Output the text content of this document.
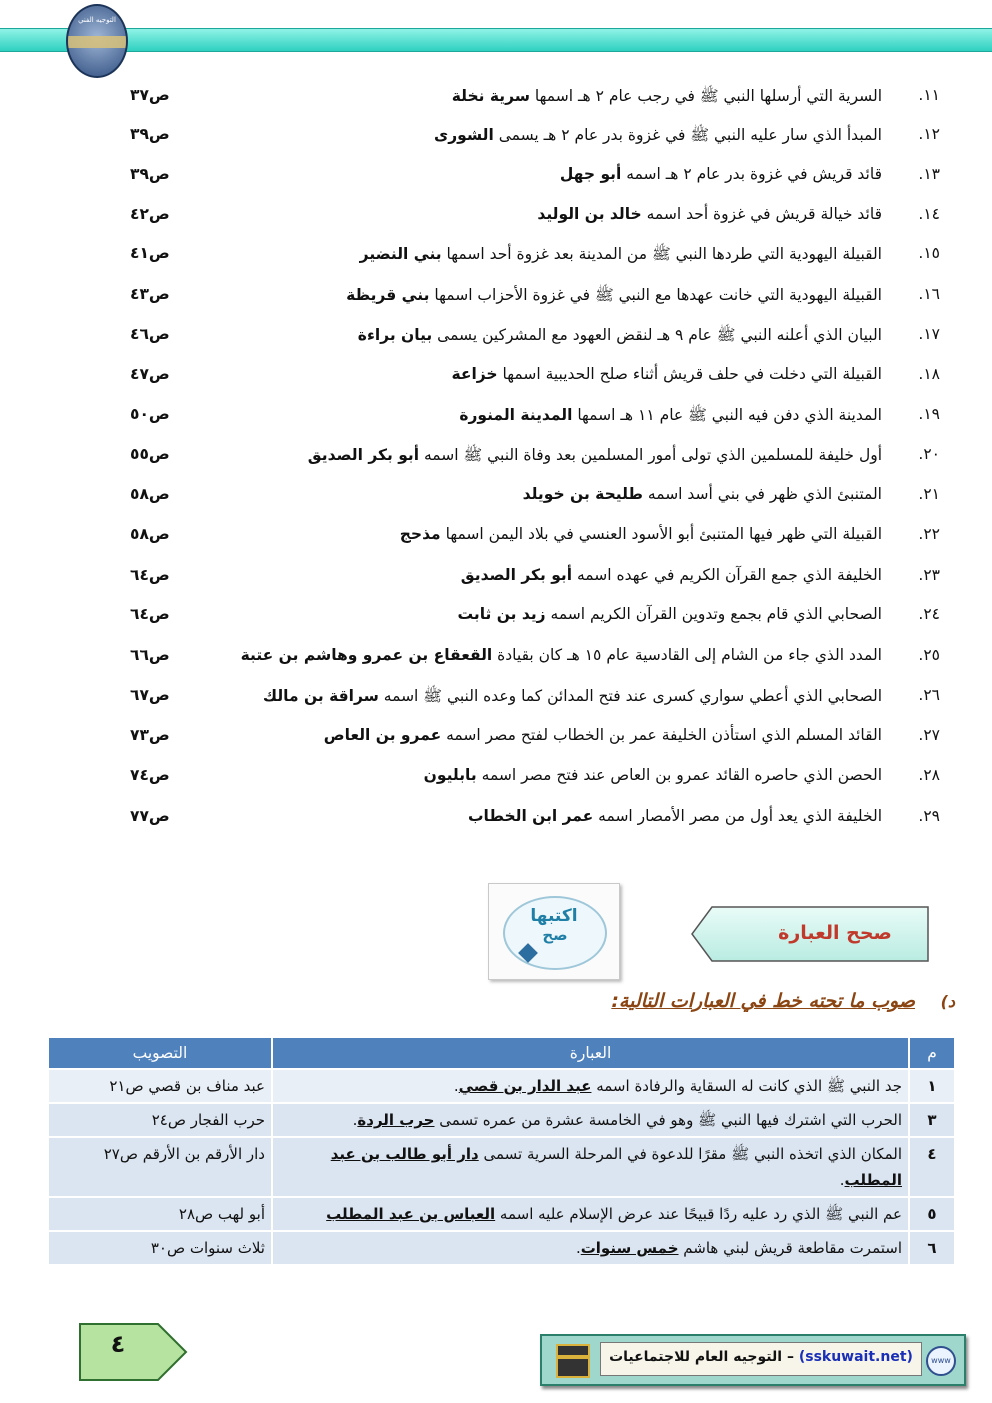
التوجيه الفني
١١.
السرية التي أرسلها النبي ﷺ في رجب عام ٢ هـ اسمها سرية نخلة
ص٣٧
١٢.
المبدأ الذي سار عليه النبي ﷺ في غزوة بدر عام ٢ هـ يسمى الشورى
ص٣٩
١٣.
قائد قريش في غزوة بدر عام ٢ هـ اسمه أبو جهل
ص٣٩
١٤.
قائد خيالة قريش في غزوة أحد اسمه خالد بن الوليد
ص٤٢
١٥.
القبيلة اليهودية التي طردها النبي ﷺ من المدينة بعد غزوة أحد اسمها بني النضير
ص٤١
١٦.
القبيلة اليهودية التي خانت عهدها مع النبي ﷺ في غزوة الأحزاب اسمها بني قريظة
ص٤٣
١٧.
البيان الذي أعلنه النبي ﷺ عام ٩ هـ لنقض العهود مع المشركين يسمى بيان براءة
ص٤٦
١٨.
القبيلة التي دخلت في حلف قريش أثناء صلح الحديبية اسمها خزاعة
ص٤٧
١٩.
المدينة الذي دفن فيه النبي ﷺ عام ١١ هـ اسمها المدينة المنورة
ص٥٠
٢٠.
أول خليفة للمسلمين الذي تولى أمور المسلمين بعد وفاة النبي ﷺ اسمه أبو بكر الصديق
ص٥٥
٢١.
المتنبئ الذي ظهر في بني أسد اسمه طليحة بن خويلد
ص٥٨
٢٢.
القبيلة التي ظهر فيها المتنبئ أبو الأسود العنسي في بلاد اليمن اسمها مذحج
ص٥٨
٢٣.
الخليفة الذي جمع القرآن الكريم في عهده اسمه أبو بكر الصديق
ص٦٤
٢٤.
الصحابي الذي قام بجمع وتدوين القرآن الكريم اسمه زيد بن ثابت
ص٦٤
٢٥.
المدد الذي جاء من الشام إلى القادسية عام ١٥ هـ كان بقيادة القعقاع بن عمرو وهاشم بن عتبة
ص٦٦
٢٦.
الصحابي الذي أعطي سواري كسرى عند فتح المدائن كما وعده النبي ﷺ اسمه سراقة بن مالك
ص٦٧
٢٧.
القائد المسلم الذي استأذن الخليفة عمر بن الخطاب لفتح مصر اسمه عمرو بن العاص
ص٧٣
٢٨.
الحصن الذي حاصره القائد عمرو بن العاص عند فتح مصر اسمه بابليون
ص٧٤
٢٩.
الخليفة الذي يعد أول من مصر الأمصار اسمه عمر ابن الخطاب
ص٧٧
اكتبها
صح	صحح العبارة
د)
صوب ما تحته خط في العبارات التالية:
م	العبارة	التصويب
١	جد النبي ﷺ الذي كانت له السقاية والرفادة اسمه عبد الدار بن قصي.	عبد مناف بن قصي ص٢١
٣	الحرب التي اشترك فيها النبي ﷺ وهو في الخامسة عشرة من عمره تسمى حرب الردة.	حرب الفجار ص٢٤
٤	المكان الذي اتخذه النبي ﷺ مقرًا للدعوة في المرحلة السرية تسمى دار أبو طالب بن عبد المطلب.	دار الأرقم بن الأرقم ص٢٧
٥	عم النبي ﷺ الذي رد عليه ردًا قبيحًا عند عرض الإسلام عليه اسمه العباس بن عبد المطلب	أبو لهب ص٢٨
٦	استمرت مقاطعة قريش لبني هاشم خمس سنوات.	ثلاث سنوات ص٣٠
٤	(sskuwait.net) – التوجيه العام للاجتماعيات	www
